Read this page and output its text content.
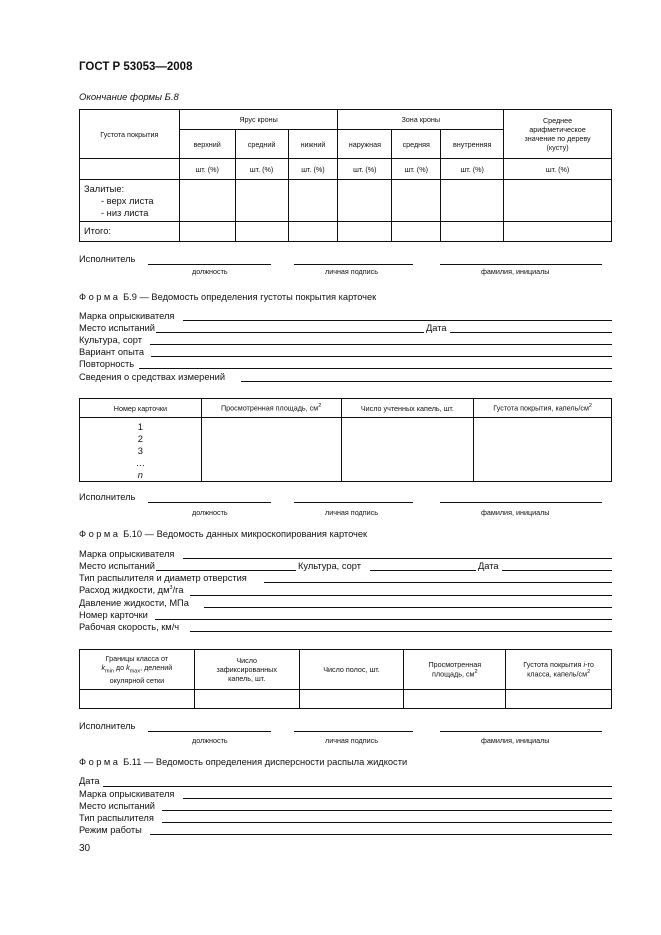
ГОСТ Р 53053—2008
Окончание формы Б.8
Густота покрытия	Ярус кроны			Зона кроны			Среднее арифметическое значение по дереву (кусту)
	верхний	средний	нижний	наружная	средняя	внутренняя	
	шт. (%)	шт. (%)	шт. (%)	шт. (%)	шт. (%)	шт. (%)	шт. (%)

Залитые:
- верх листа
- низ листа							

Итого:							
Исполнитель
должность	личная подпись	фамилия, инициалы
Форма Б.9 — Ведомость определения густоты покрытия карточек
Марка опрыскивателя
Место испытаний	Дата
Культура, сорт
Вариант опыта
Повторность
Сведения о средствах измерений
Номер карточки	Просмотренная площадь, $см^2$	Число учтенных капель, шт.	Густота покрытия, капель/$см^2$

1
2
3
…
n			

Исполнитель
должность	личная подпись	фамилия, инициалы
Форма Б.10 — Ведомость данных микроскопирования карточек
Марка опрыскивателя
Место испытаний	Культура, сорт	Дата
Тип распылителя и диаметр отверстия
Расход жидкости, $дм^3/га$
Давление жидкости, МПа
Номер карточки
Рабочая скорость, км/ч
Границы класса от
$k_{min}$ до $k_{max}$, делений
окулярной сетки	Число зафиксированных капель, шт.	Число полос, шт.	Просмотренная площадь, $см^2$	Густота покрытия i-го класса, капель/$см^2$

Исполнитель
должность	личная подпись	фамилия, инициалы
Форма Б.11 — Ведомость определения дисперсности распыла жидкости
Дата
Марка опрыскивателя
Место испытаний
Тип распылителя
Режим работы
30
